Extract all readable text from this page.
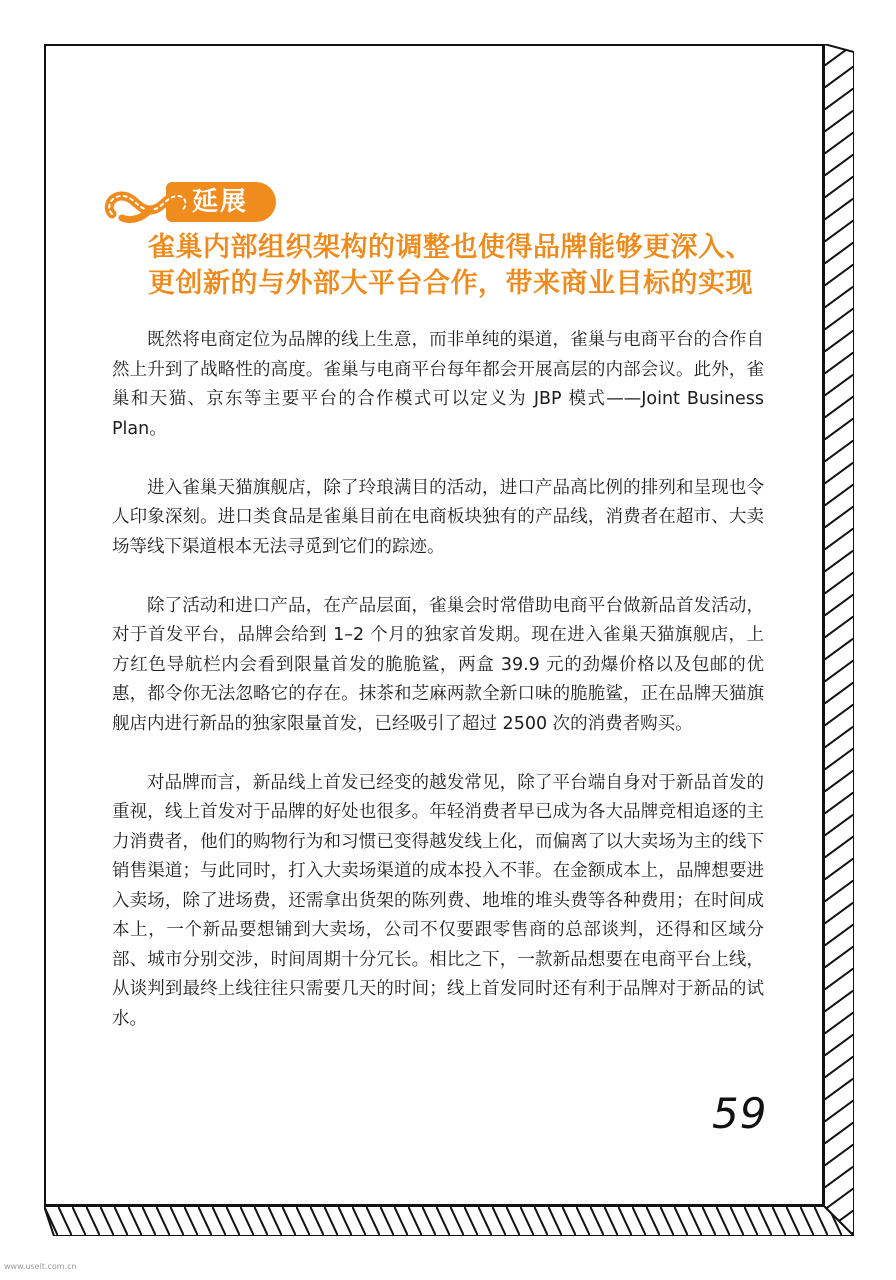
延展
雀巢内部组织架构的调整也使得品牌能够更深入、
更创新的与外部大平台合作，带来商业目标的实现

既然将电商定位为品牌的线上生意，而非单纯的渠道，雀巢与电商平台的合作自然上升到了战略性的高度。雀巢与电商平台每年都会开展高层的内部会议。此外，雀巢和天猫、京东等主要平台的合作模式可以定义为 JBP 模式——Joint Business Plan。

进入雀巢天猫旗舰店，除了玲琅满目的活动，进口产品高比例的排列和呈现也令人印象深刻。进口类食品是雀巢目前在电商板块独有的产品线，消费者在超市、大卖场等线下渠道根本无法寻觅到它们的踪迹。

除了活动和进口产品，在产品层面，雀巢会时常借助电商平台做新品首发活动，对于首发平台，品牌会给到 1–2 个月的独家首发期。现在进入雀巢天猫旗舰店，上方红色导航栏内会看到限量首发的脆脆鲨，两盒 39.9 元的劲爆价格以及包邮的优惠，都令你无法忽略它的存在。抹茶和芝麻两款全新口味的脆脆鲨，正在品牌天猫旗舰店内进行新品的独家限量首发，已经吸引了超过 2500 次的消费者购买。

对品牌而言，新品线上首发已经变的越发常见，除了平台端自身对于新品首发的重视，线上首发对于品牌的好处也很多。年轻消费者早已成为各大品牌竞相追逐的主力消费者，他们的购物行为和习惯已变得越发线上化，而偏离了以大卖场为主的线下销售渠道；与此同时，打入大卖场渠道的成本投入不菲。在金额成本上，品牌想要进入卖场，除了进场费，还需拿出货架的陈列费、地堆的堆头费等各种费用；在时间成本上，一个新品要想铺到大卖场，公司不仅要跟零售商的总部谈判，还得和区域分部、城市分别交涉，时间周期十分冗长。相比之下，一款新品想要在电商平台上线，从谈判到最终上线往往只需要几天的时间；线上首发同时还有利于品牌对于新品的试水。

59
www.uselt.com.cn
